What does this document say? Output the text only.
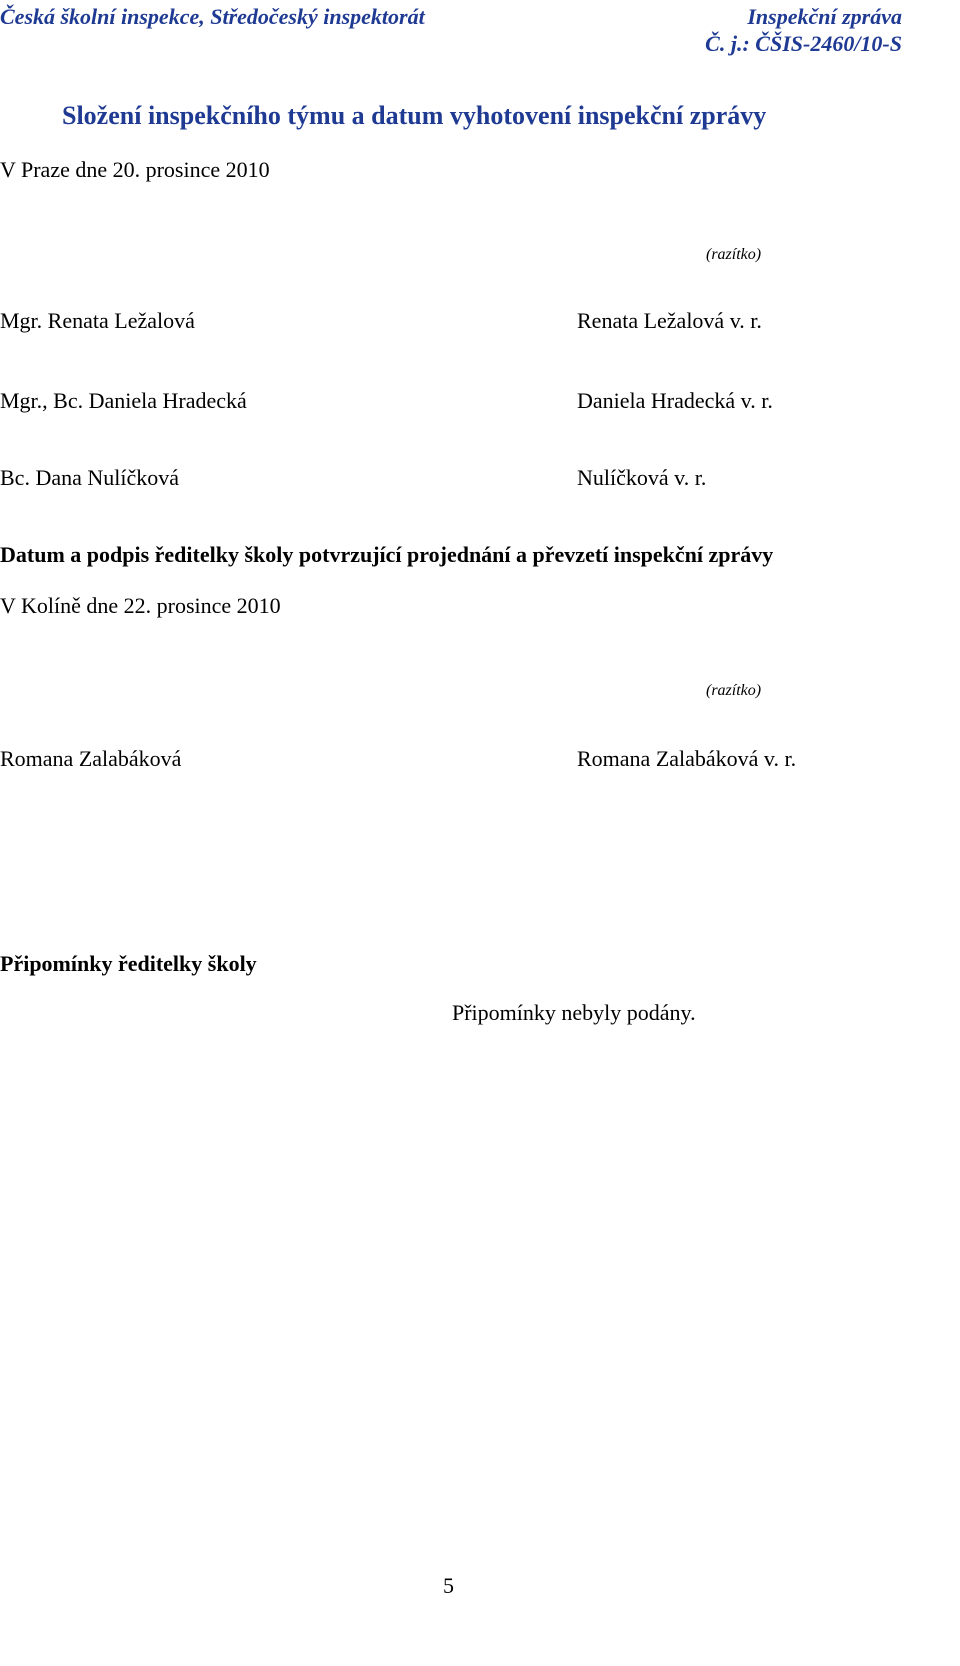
Česká školní inspekce, Středočeský inspektorát	Inspekční zpráva
Č. j.: ČŠIS-2460/10-S
Složení inspekčního týmu a datum vyhotovení inspekční zprávy
V Praze dne 20. prosince 2010
(razítko)
Mgr. Renata Ležalová	Renata Ležalová v. r.
Mgr., Bc. Daniela Hradecká	Daniela Hradecká v. r.
Bc. Dana Nulíčková	Nulíčková v. r.
Datum a podpis ředitelky školy potvrzující projednání a převzetí inspekční zprávy
V Kolíně dne 22. prosince 2010
(razítko)
Romana Zalabáková	Romana Zalabáková v. r.
Připomínky ředitelky školy
Připomínky nebyly podány.
5
